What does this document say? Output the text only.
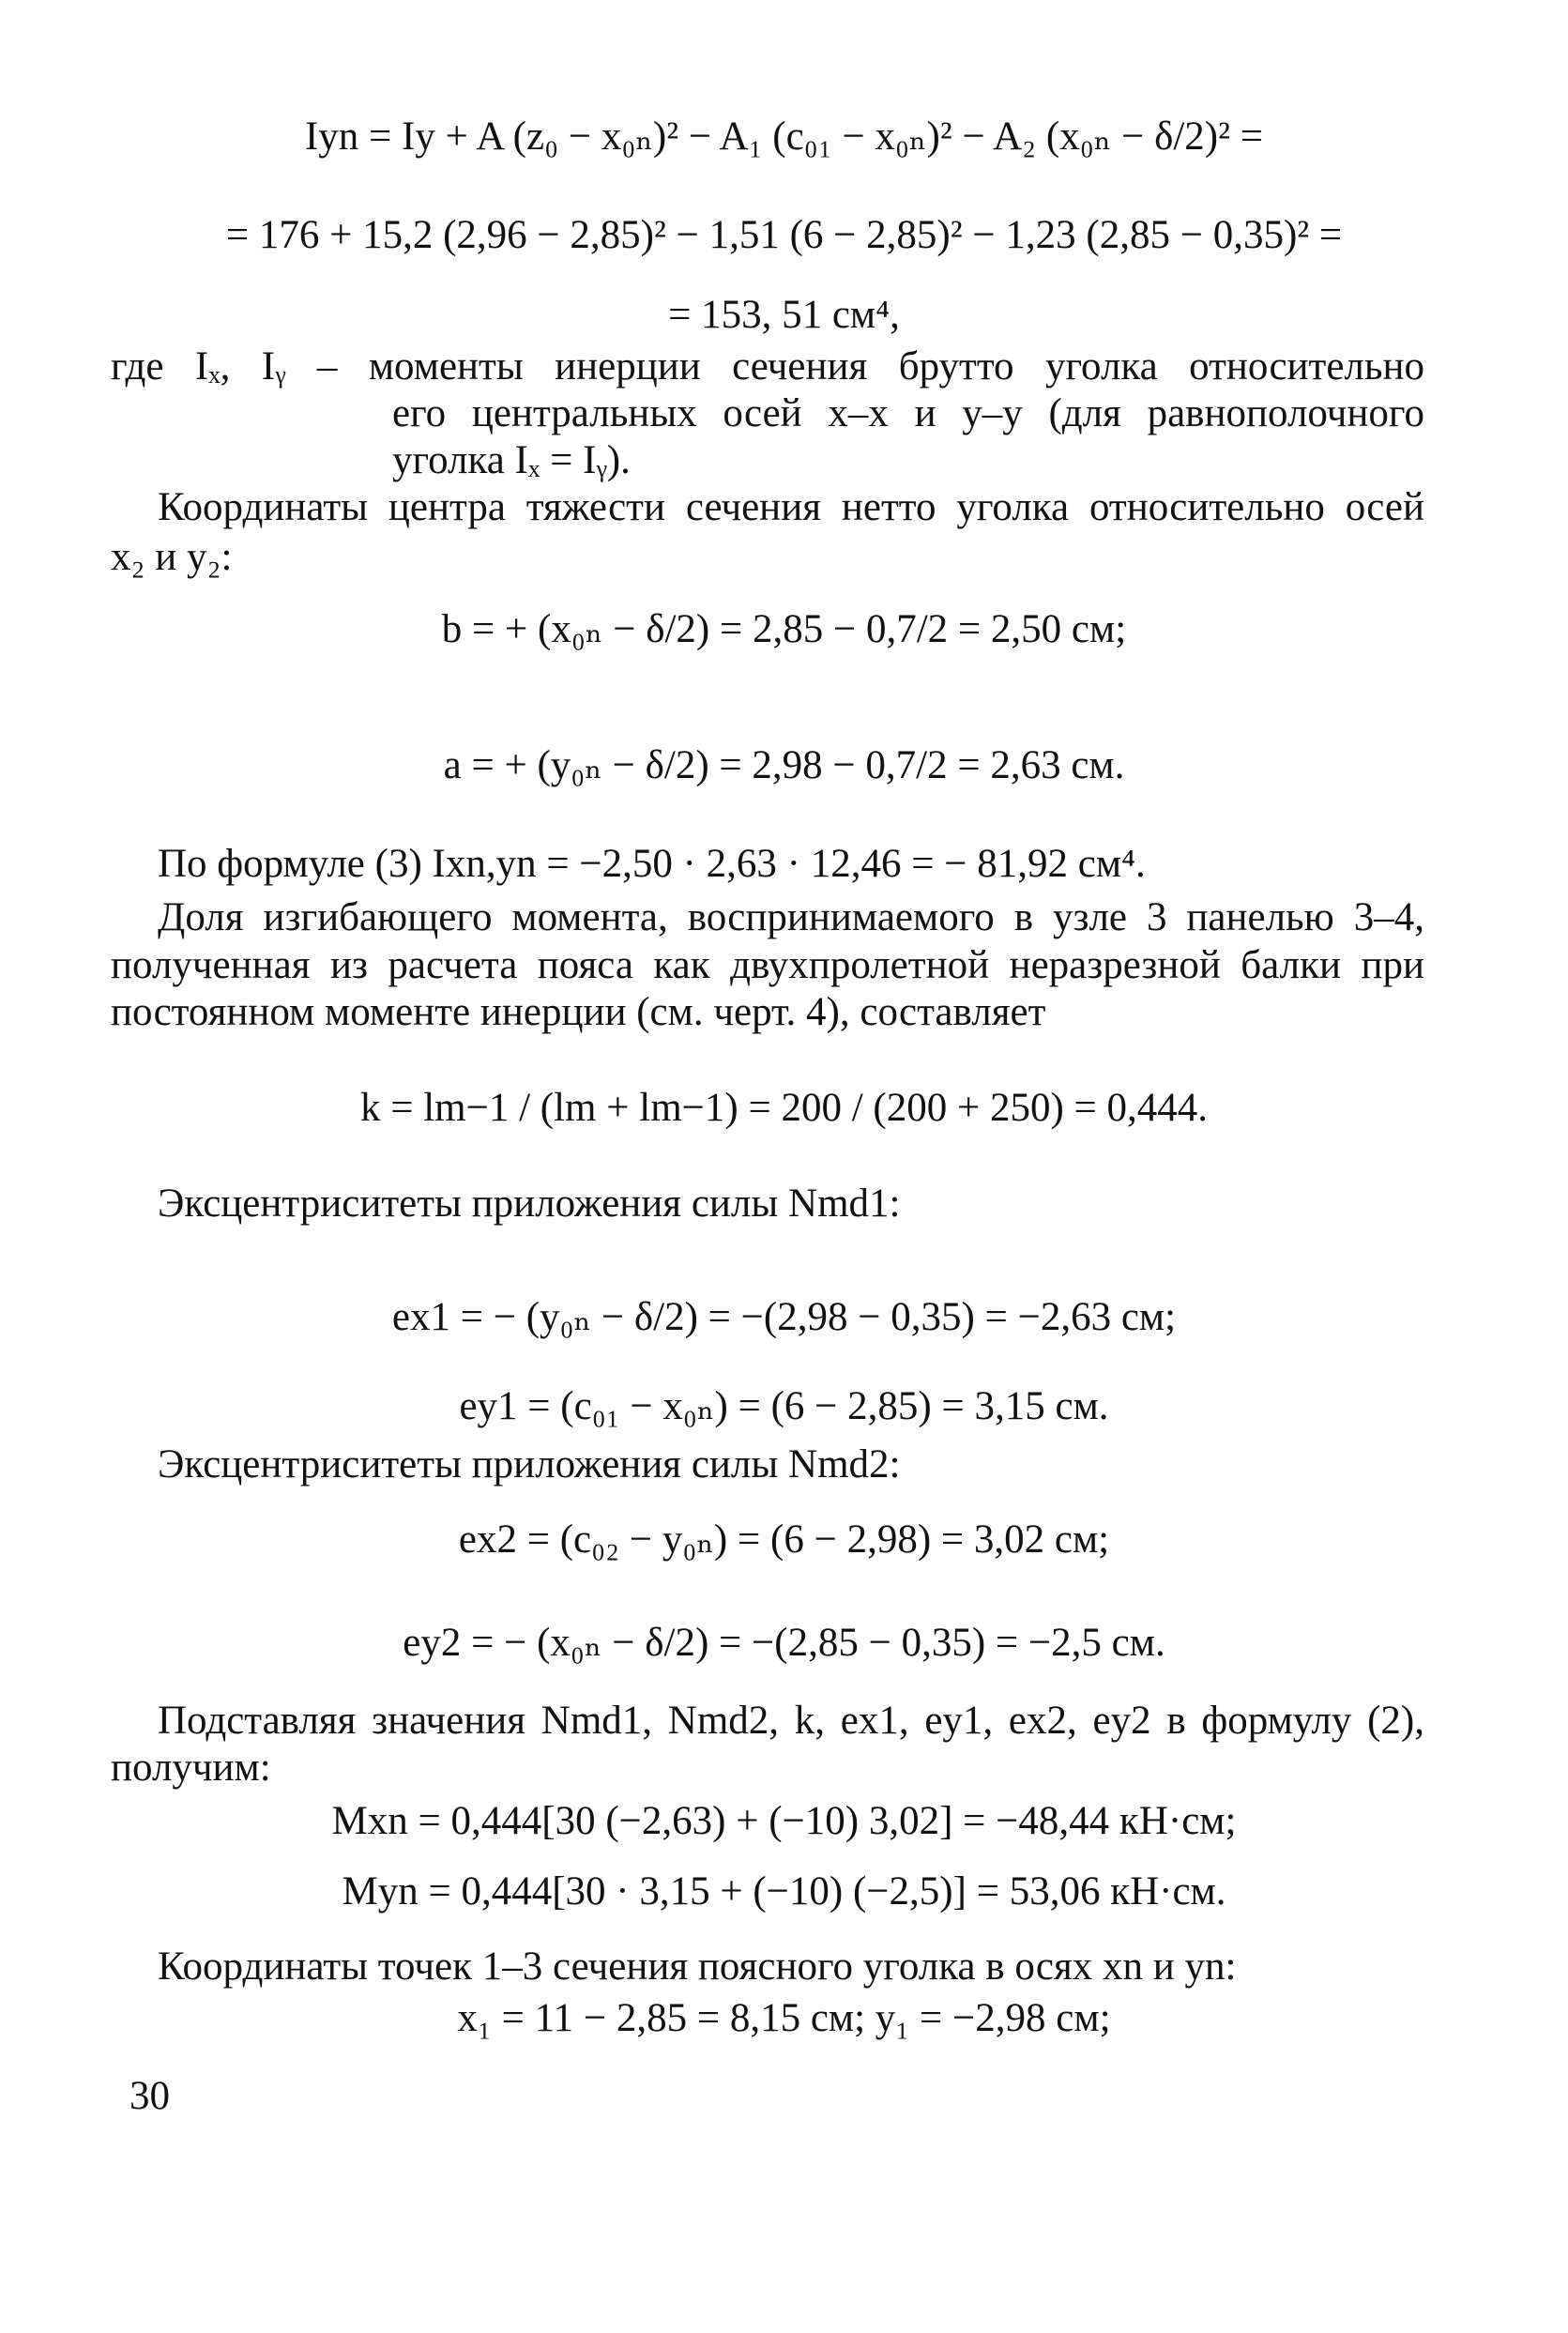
Iyn = Iy + A (z₀ − x₀ₙ)² − A₁ (c₀₁ − x₀ₙ)² − A₂ (x₀ₙ − δ/2)² =
= 176 + 15,2 (2,96 − 2,85)² − 1,51 (6 − 2,85)² − 1,23 (2,85 − 0,35)² =
= 153, 51 см⁴,
где Iₓ, Iᵧ – моменты инерции сечения брутто уголка относительно
его центральных осей x–x и y–y (для равнополочного
уголка Iₓ = Iᵧ).
Координаты центра тяжести сечения нетто уголка относительно осей
x₂ и y₂:
b = + (x₀ₙ − δ/2) = 2,85 − 0,7/2 = 2,50 см;
a = + (y₀ₙ − δ/2) = 2,98 − 0,7/2 = 2,63 см.
По формуле (3) Ixn,yn = −2,50 · 2,63 · 12,46 = − 81,92 см⁴.
Доля изгибающего момента, воспринимаемого в узле 3 панелью 3–4,
полученная из расчета пояса как двухпролетной неразрезной балки при
постоянном моменте инерции (см. черт. 4), составляет
k = lm−1 / (lm + lm−1) = 200 / (200 + 250) = 0,444.
Эксцентриситеты приложения силы Nmd1:
ex1 = − (y₀ₙ − δ/2) = −(2,98 − 0,35) = −2,63 см;
ey1 = (c₀₁ − x₀ₙ) = (6 − 2,85) = 3,15 см.
Эксцентриситеты приложения силы Nmd2:
ex2 = (c₀₂ − y₀ₙ) = (6 − 2,98) = 3,02 см;
ey2 = − (x₀ₙ − δ/2) = −(2,85 − 0,35) = −2,5 см.
Подставляя значения Nmd1, Nmd2, k, ex1, ey1, ex2, ey2 в формулу (2),
получим:
Mxn = 0,444[30 (−2,63) + (−10) 3,02] = −48,44 кН·см;
Myn = 0,444[30 · 3,15 + (−10) (−2,5)] = 53,06 кН·см.
Координаты точек 1–3 сечения поясного уголка в осях xn и yn:
x₁ = 11 − 2,85 = 8,15 см; y₁ = −2,98 см;
30
